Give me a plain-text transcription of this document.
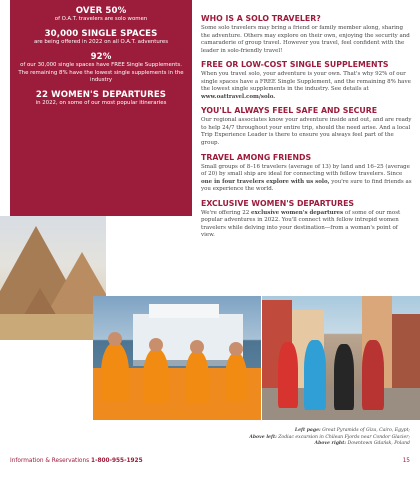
OVER 50%
of O.A.T. travelers are solo women
30,000 SINGLE SPACES
are being offered in 2022 on all O.A.T. adventures
92%
of our 30,000 single spaces have FREE Single Supplements. The remaining 8% have the lowest single supplements in the industry
22 WOMEN'S DEPARTURES
in 2022, on some of our most popular itineraries
WHO IS A SOLO TRAVELER?

Some solo travelers may bring a friend or family member along, sharing the adventure. Others may explore on their own, enjoying the security and camaraderie of group travel. However you travel, feel confident with the leader in solo-friendly travel!

FREE OR LOW-COST SINGLE SUPPLEMENTS

When you travel solo, your adventure is your own. That's why 92% of our single spaces have a FREE Single Supplement, and the remaining 8% have the lowest single supplements in the industry. See details at www.oattravel.com/solo.

YOU'LL ALWAYS FEEL SAFE AND SECURE

Our regional associates know your adventure inside and out, and are ready to help 24/7 throughout your entire trip, should the need arise. And a local Trip Experience Leader is there to ensure you always feel part of the group.

TRAVEL AMONG FRIENDS

Small groups of 8–16 travelers (average of 13) by land and 16–25 (average of 20) by small ship are ideal for connecting with fellow travelers. Since one in four travelers explore with us solo, you're sure to find friends as you experience the world.

EXCLUSIVE WOMEN'S DEPARTURES

We're offering 22 exclusive women's departures of some of our most popular adventures in 2022. You'll connect with fellow intrepid women travelers while delving into your destination—from a woman's point of view.

Left page: Great Pyramids of Giza, Cairo, Egypt;
Above left: Zodiac excursion in Chilean Fjords near Condor Glacier;
Above right: Downtown Gdańsk, Poland
Information & Reservations 1-800-955-1925	15
